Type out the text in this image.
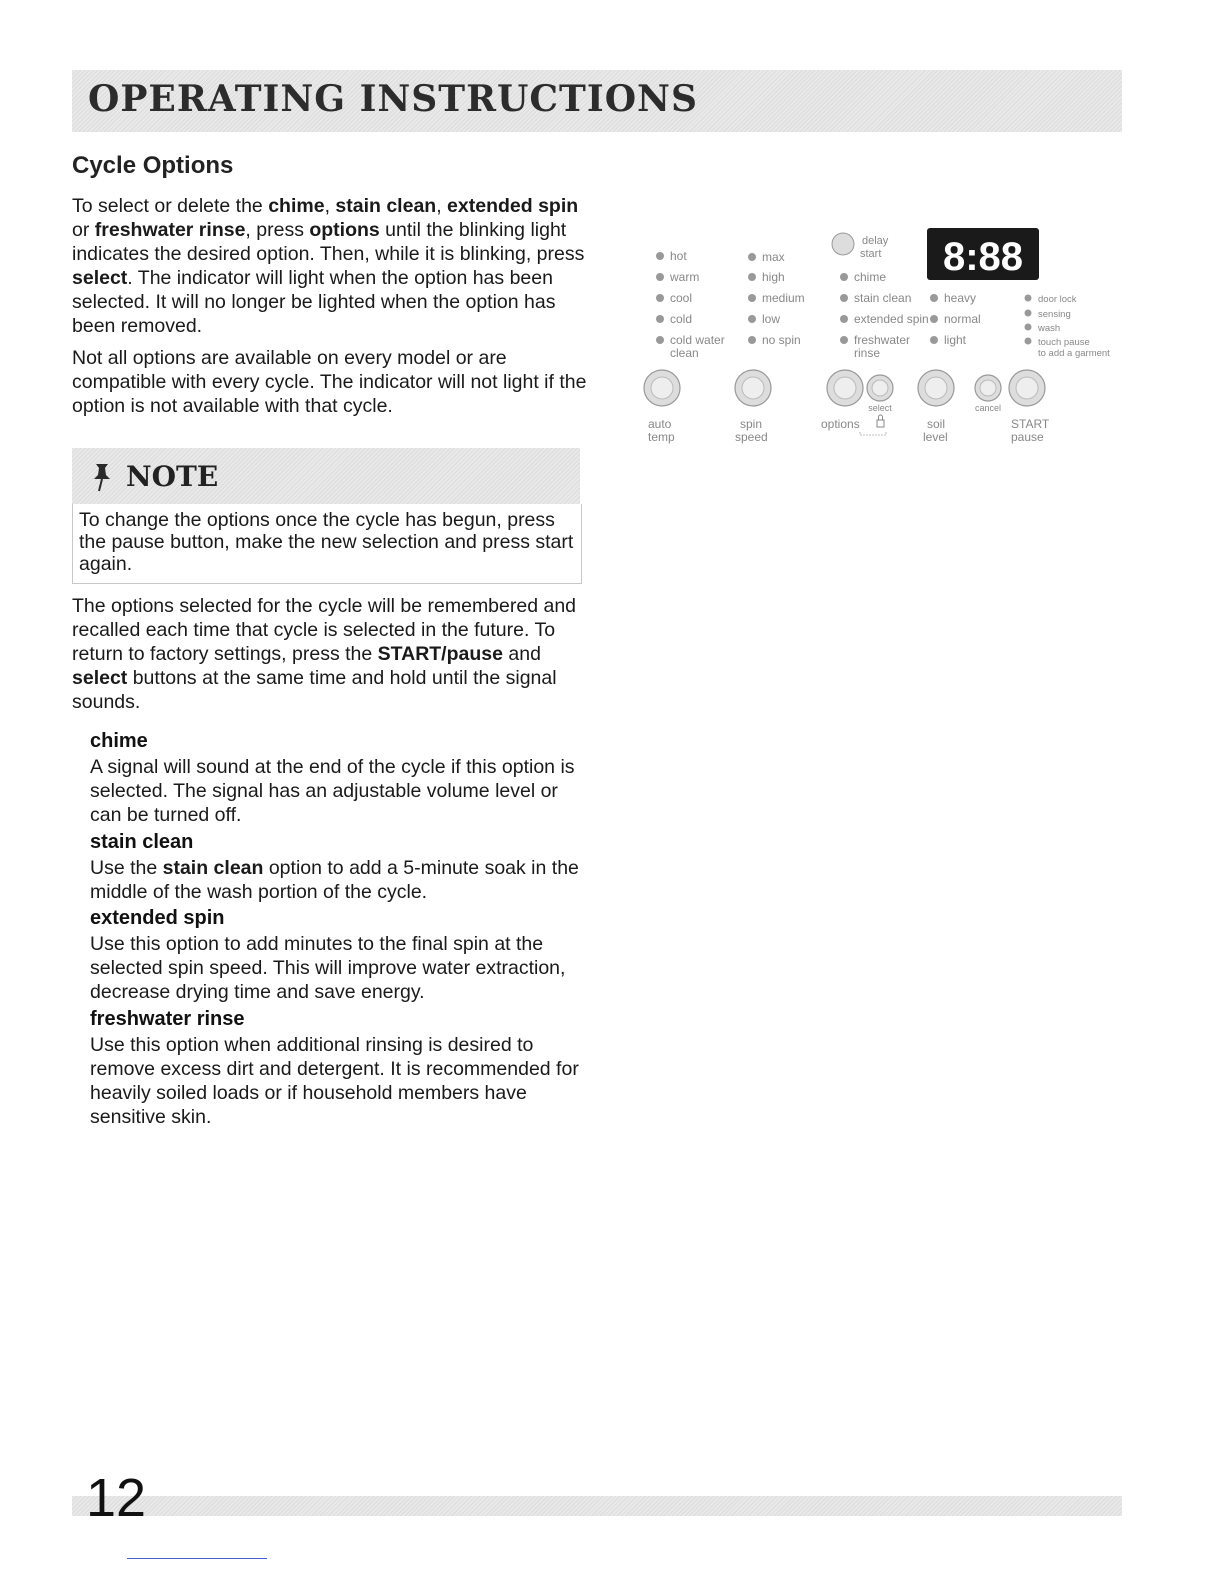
OPERATING INSTRUCTIONS
Cycle Options

To select or delete the chime, stain clean, extended spin or freshwater rinse, press options until the blinking light indicates the desired option. Then, while it is blinking, press select. The indicator will light when the option has been selected. It will no longer be lighted when the option has been removed.

Not all options are available on every model or are compatible with every cycle. The indicator will not light if the option is not available with that cycle.

NOTE
To change the options once the cycle has begun, press the pause button, make the new selection and press start again.

The options selected for the cycle will be remembered and recalled each time that cycle is selected in the future. To return to factory settings, press the START/pause and select buttons at the same time and hold until the signal sounds.

chime

A signal will sound at the end of the cycle if this option is selected. The signal has an adjustable volume level or can be turned off.

stain clean

Use the stain clean option to add a 5-minute soak in the middle of the wash portion of the cycle.

extended spin

Use this option to add minutes to the final spin at the selected spin speed. This will improve water extraction, decrease drying time and save energy.

freshwater rinse

Use this option when additional rinsing is desired to remove excess dirt and detergent. It is recommended for heavily soiled loads or if household members have sensitive skin.

8:88
delay
start
hot
warm
cool
cold
cold water
clean
max
high
medium
low
no spin
chime
stain clean
extended spin
freshwater
rinse
heavy
normal
light
door lock
sensing
wash
touch pause
to add a garment
select	cancel
auto
temp
spin
speed
options	soil
level
START
pause
12
